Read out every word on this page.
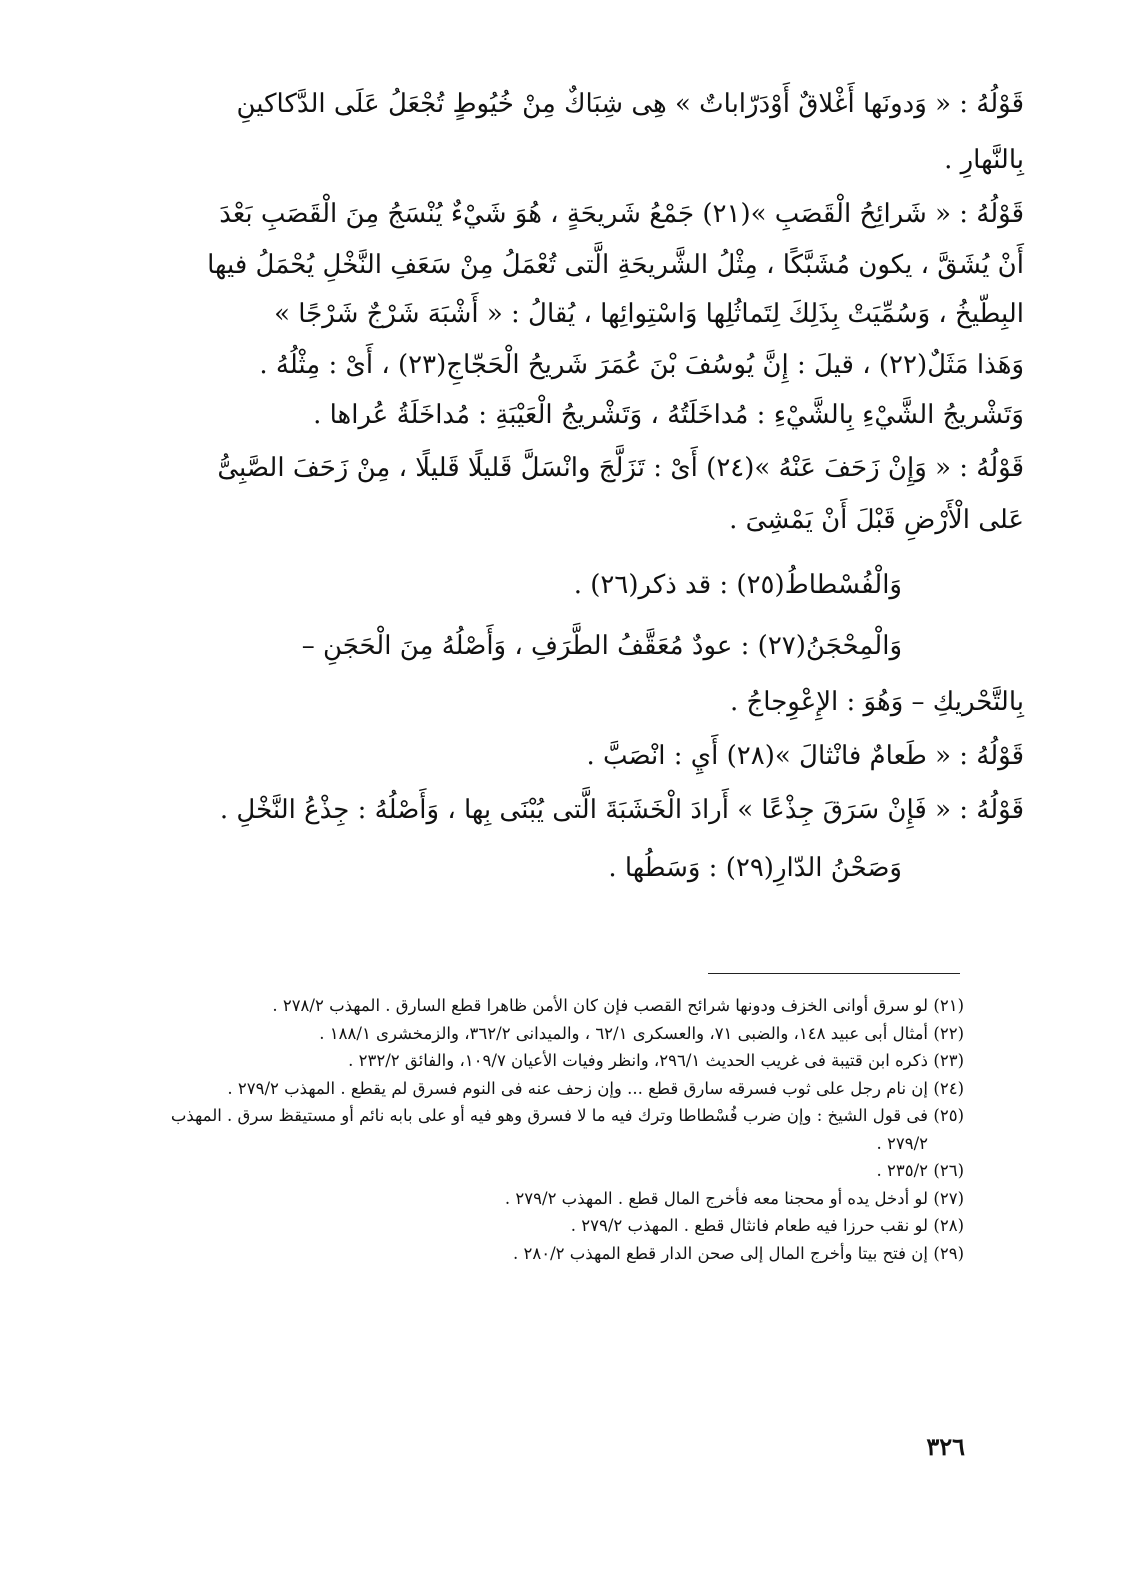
قَوْلُهُ : « وَدونَها أَغْلاقٌ أَوْدَرّاباتٌ » هِى شِبَاكٌ مِنْ خُيُوطٍ تُجْعَلُ عَلَى الدَّكاكينِ

بِالنَّهارِ .

قَوْلُهُ : « شَرائِحُ الْقَصَبِ »(٢١) جَمْعُ شَريحَةٍ ، هُوَ شَيْءٌ يُنْسَجُ مِنَ الْقَصَبِ بَعْدَ

أَنْ يُشَقَّ ، يكون مُشَبَّكًا ، مِثْلُ الشَّريحَةِ الَّتى تُعْمَلُ مِنْ سَعَفِ النَّخْلِ يُحْمَلُ فيها

البِطّيخُ ، وَسُمِّيَتْ بِذَلِكَ لِتَماثُلِها وَاسْتِوائِها ، يُقالُ : « أَشْبَهَ شَرْجٌ شَرْجًا »

وَهَذا مَثَلٌ(٢٢) ، قيلَ : إِنَّ يُوسُفَ بْنَ عُمَرَ شَريحُ الْحَجّاجِ(٢٣) ، أَىْ : مِثْلُهُ .

وَتَشْريجُ الشَّيْءِ بِالشَّيْءِ : مُداخَلَتُهُ ، وَتَشْريجُ الْعَيْبَةِ : مُداخَلَةُ عُراها .

قَوْلُهُ : « وَإِنْ زَحَفَ عَنْهُ »(٢٤) أَىْ : تَزَلَّجَ وانْسَلَّ قَليلًا قَليلًا ، مِنْ زَحَفَ الصَّبِىُّ

عَلى الْأَرْضِ قَبْلَ أَنْ يَمْشِىَ .

وَالْفُسْطاطُ(٢٥) : قد ذكر(٢٦) .

وَالْمِحْجَنُ(٢٧) : عودٌ مُعَقَّفُ الطَّرَفِ ، وَأَصْلُهُ مِنَ الْحَجَنِ –

بِالتَّحْريكِ – وَهُوَ : الإِعْوِجاجُ .

قَوْلُهُ : « طَعامٌ فانْثالَ »(٢٨) أَيِ : انْصَبَّ .

قَوْلُهُ : « فَإِنْ سَرَقَ جِذْعًا » أَرادَ الْخَشَبَةَ الَّتى يُبْنَى بِها ، وَأَصْلُهُ : جِذْعُ النَّخْلِ .

وَصَحْنُ الدّارِ(٢٩) : وَسَطُها .

(٢١)
لو سرق أوانى الخزف ودونها شرائح القصب فإن كان الأمن ظاهرا قطع السارق . المهذب ٢٧٨/٢ .

(٢٢)
أمثال أبى عبيد ١٤٨، والضبى ٧١، والعسكرى ٦٢/١ ، والميدانى ٣٦٢/٢، والزمخشرى ١٨٨/١ .

(٢٣)
ذكره ابن قتيبة فى غريب الحديث ٢٩٦/١، وانظر وفيات الأعيان ١٠٩/٧، والفائق ٢٣٢/٢ .

(٢٤)
إن نام رجل على ثوب فسرقه سارق قطع ... وإن زحف عنه فى النوم فسرق لم يقطع . المهذب ٢٧٩/٢ .

(٢٥)
فى قول الشيخ : وإن ضرب فُسْطاطا وترك فيه ما لا فسرق وهو فيه أو على بابه نائم أو مستيقظ سرق . المهذب ٢٧٩/٢ .

(٢٦)
٢٣٥/٢ .

(٢٧)
لو أدخل يده أو محجنا معه فأخرج المال قطع . المهذب ٢٧٩/٢ .

(٢٨)
لو نقب حرزا فيه طعام فانثال قطع . المهذب ٢٧٩/٢ .

(٢٩)
إن فتح بيتا وأخرج المال إلى صحن الدار قطع المهذب ٢٨٠/٢ .

٣٢٦
